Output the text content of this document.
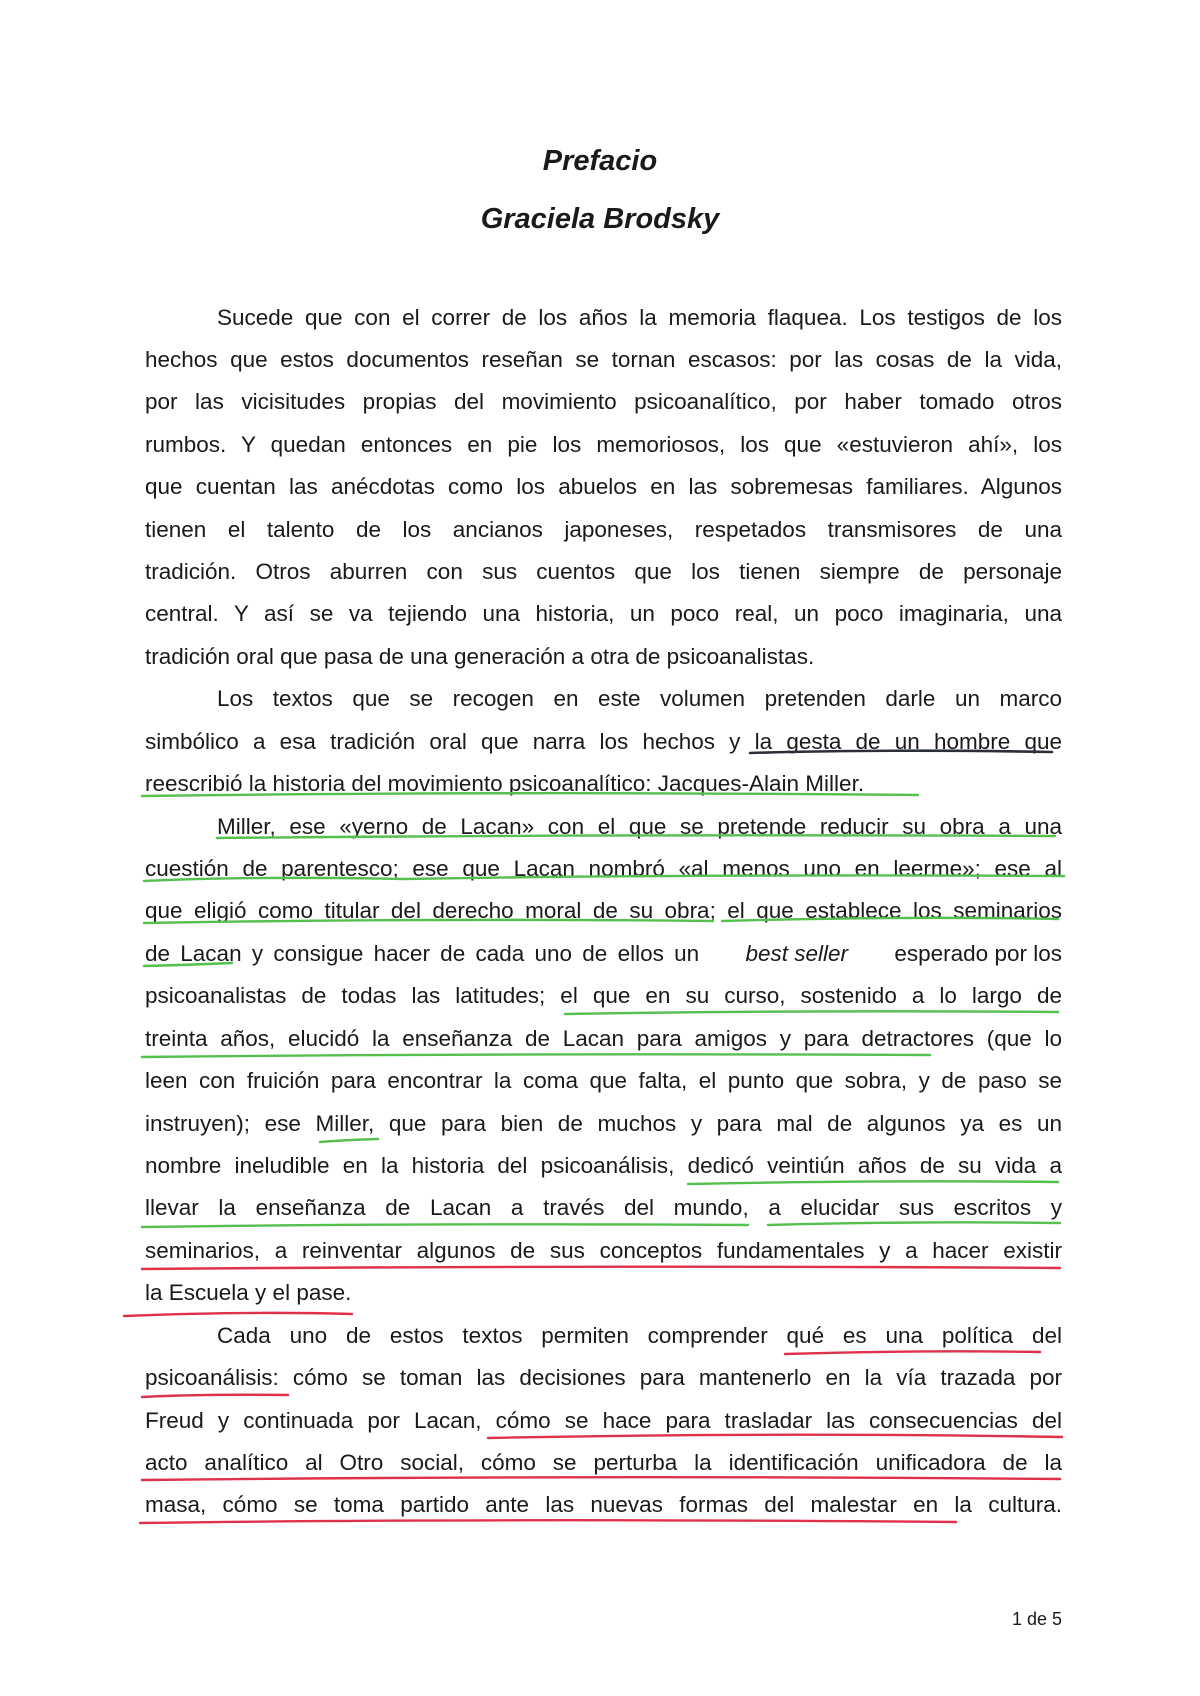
Prefacio
Graciela Brodsky
Sucede que con el correr de los años la memoria flaquea. Los testigos de los
hechos que estos documentos reseñan se tornan escasos: por las cosas de la vida,
por las vicisitudes propias del movimiento psicoanalítico, por haber tomado otros
rumbos. Y quedan entonces en pie los memoriosos, los que «estuvieron ahí», los
que cuentan las anécdotas como los abuelos en las sobremesas familiares. Algunos
tienen el talento de los ancianos japoneses, respetados transmisores de una
tradición. Otros aburren con sus cuentos que los tienen siempre de personaje
central. Y así se va tejiendo una historia, un poco real, un poco imaginaria, una
tradición oral que pasa de una generación a otra de psicoanalistas.
Los textos que se recogen en este volumen pretenden darle un marco
simbólico a esa tradición oral que narra los hechos y la gesta de un hombre que
reescribió la historia del movimiento psicoanalítico: Jacques-Alain Miller.
Miller, ese «yerno de Lacan» con el que se pretende reducir su obra a una
cuestión de parentesco; ese que Lacan nombró «al menos uno en leerme»; ese al
que eligió como titular del derecho moral de su obra; el que establece los seminarios
de Lacan y consigue hacer de cada uno de ellos un best seller esperado por los
psicoanalistas de todas las latitudes; el que en su curso, sostenido a lo largo de
treinta años, elucidó la enseñanza de Lacan para amigos y para detractores (que lo
leen con fruición para encontrar la coma que falta, el punto que sobra, y de paso se
instruyen); ese Miller, que para bien de muchos y para mal de algunos ya es un
nombre ineludible en la historia del psicoanálisis, dedicó veintiún años de su vida a
llevar la enseñanza de Lacan a través del mundo, a elucidar sus escritos y
seminarios, a reinventar algunos de sus conceptos fundamentales y a hacer existir
la Escuela y el pase.
Cada uno de estos textos permiten comprender qué es una política del
psicoanálisis: cómo se toman las decisiones para mantenerlo en la vía trazada por
Freud y continuada por Lacan, cómo se hace para trasladar las consecuencias del
acto analítico al Otro social, cómo se perturba la identificación unificadora de la
masa, cómo se toma partido ante las nuevas formas del malestar en la cultura.
1 de 5
